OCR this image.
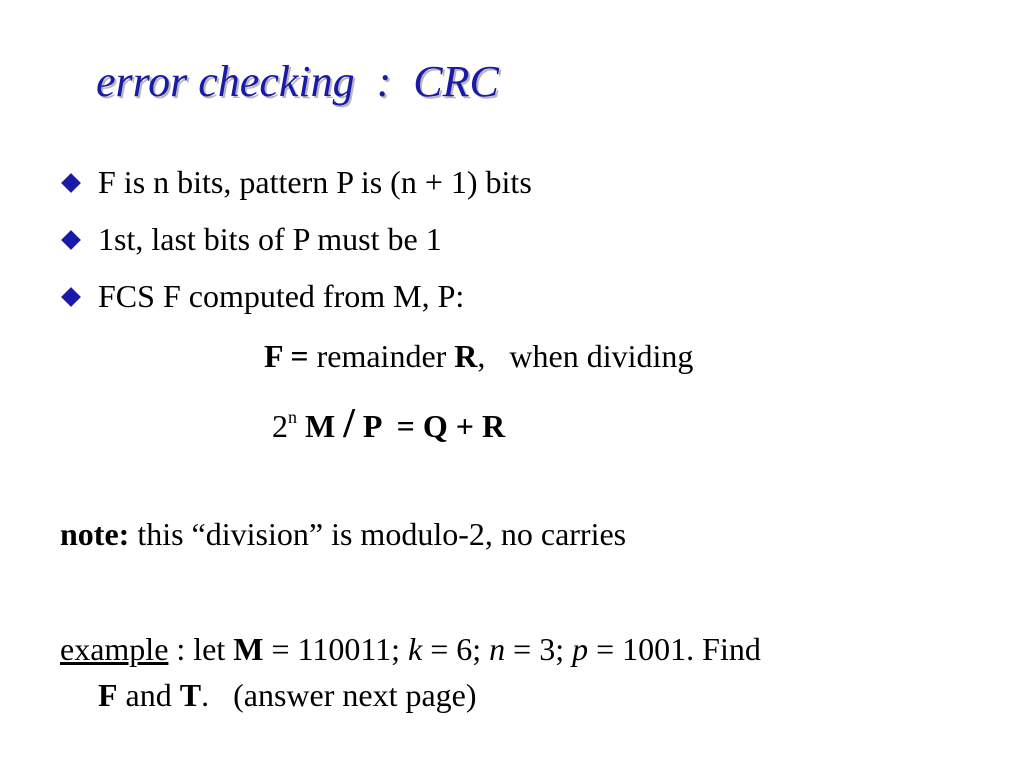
error checking  :  CRC
F is n bits, pattern P is (n + 1) bits
1st, last bits of P must be 1
FCS F computed from M, P:
F = remainder R,   when dividing
2$^n$ M / P  = Q + R
note: this “division” is modulo-2, no carries
example : let M = 110011; k = 6; n = 3; p = 1001. Find
F and T.   (answer next page)
